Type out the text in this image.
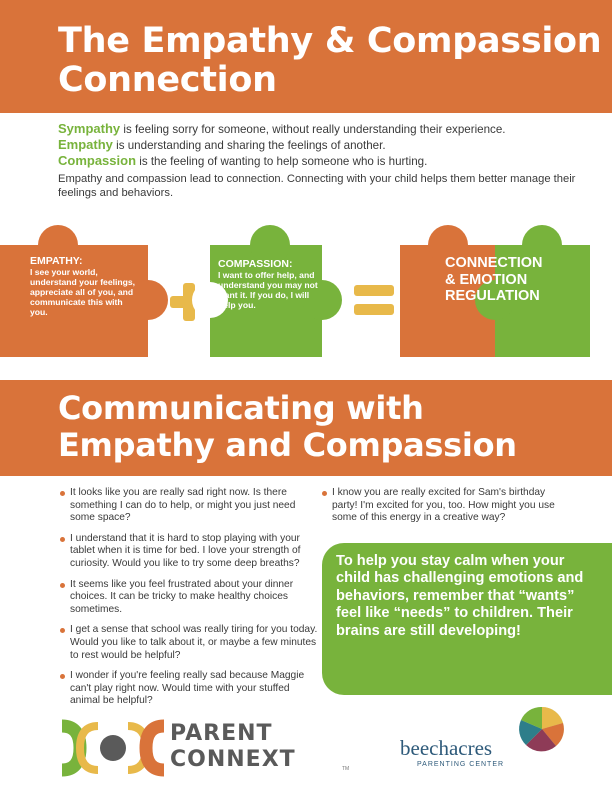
The Empathy & Compassion
Connection

Sympathy is feeling sorry for someone, without really understanding their experience.

Empathy is understanding and sharing the feelings of another.

Compassion is the feeling of wanting to help someone who is hurting.

Empathy and compassion lead to connection. Connecting with your child helps them better manage their feelings and behaviors.
EMPATHY:
I see your world, understand your feelings, appreciate all of you, and communicate this with you.
COMPASSION:
I want to offer help, and understand you may not want it. If you do, I will help you.
CONNECTION
& EMOTION
REGULATION
Communicating with
Empathy and Compassion
It looks like you are really sad right now. Is there something I can do to help, or might you just need some space?
I understand that it is hard to stop playing with your tablet when it is time for bed. I love your strength of curiosity. Would you like to try some deep breaths?
It seems like you feel frustrated about your dinner choices. It can be tricky to make healthy choices sometimes.
I get a sense that school was really tiring for you today. Would you like to talk about it, or maybe a few minutes to rest would be helpful?
I wonder if you're feeling really sad because Maggie can't play right now. Would time with your stuffed animal be helpful?
I know you are really excited for Sam's birthday party! I'm excited for you, too. How might you use some of this energy in a creative way?

To help you stay calm when your child has challenging emotions and behaviors, remember that “wants” feel like “needs” to children. Their brains are still developing!

PARENT
CONNEXT	TM
beechacres
PARENTING CENTER
